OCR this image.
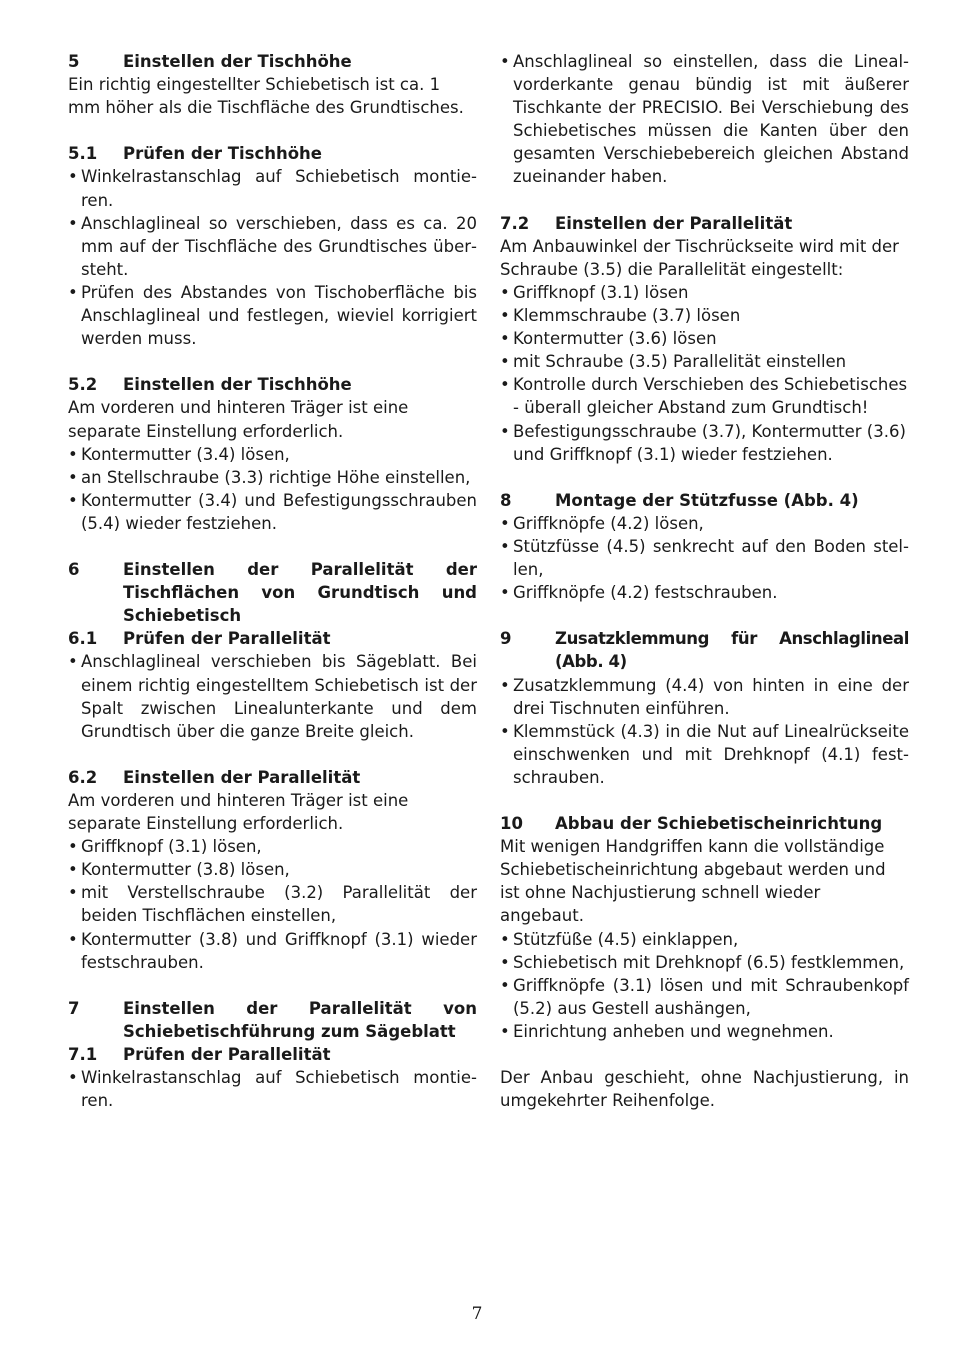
5	Einstellen der Tischhöhe
Ein richtig eingestellter Schiebetisch ist ca. 1 mm höher als die Tischfläche des Grundtisches.
5.1	Prüfen der Tischhöhe
• Winkelrastanschlag auf Schiebetisch montieren.
• Anschlaglineal so verschieben, dass es ca. 20 mm auf der Tischfläche des Grundtisches übersteht.
• Prüfen des Abstandes von Tischoberfläche bis Anschlaglineal und festlegen, wieviel korrigiert werden muss.
5.2	Einstellen der Tischhöhe
Am vorderen und hinteren Träger ist eine separate Einstellung erforderlich.
• Kontermutter (3.4) lösen,
• an Stellschraube (3.3) richtige Höhe einstellen,
• Kontermutter (3.4) und Befestigungsschrauben (5.4) wieder festziehen.
6	Einstellen der Parallelität der Tischflächen von Grundtisch und Schiebetisch
6.1	Prüfen der Parallelität
• Anschlaglineal verschieben bis Sägeblatt. Bei einem richtig eingestelltem Schiebetisch ist der Spalt zwischen Linealunterkante und dem Grundtisch über die ganze Breite gleich.
6.2	Einstellen der Parallelität
Am vorderen und hinteren Träger ist eine separate Einstellung erforderlich.
• Griffknopf (3.1) lösen,
• Kontermutter (3.8) lösen,
• mit Verstellschraube (3.2) Parallelität der beiden Tischflächen einstellen,
• Kontermutter (3.8) und Griffknopf (3.1) wieder festschrauben.
7	Einstellen der Parallelität von Schiebetischführung zum Sägeblatt
7.1	Prüfen der Parallelität
• Winkelrastanschlag auf Schiebetisch montieren.
• Anschlaglineal so einstellen, dass die Linealvorderkante genau bündig ist mit äußerer Tischkante der PRECISIO. Bei Verschiebung des Schiebetisches müssen die Kanten über den gesamten Verschiebebereich gleichen Abstand zueinander haben.
7.2	Einstellen der Parallelität
Am Anbauwinkel der Tischrückseite wird mit der Schraube (3.5) die Parallelität eingestellt:
• Griffknopf (3.1) lösen
• Klemmschraube (3.7) lösen
• Kontermutter (3.6) lösen
• mit Schraube (3.5) Parallelität einstellen
• Kontrolle durch Verschieben des Schiebetisches - überall gleicher Abstand zum Grundtisch!
• Befestigungsschraube (3.7), Kontermutter (3.6) und Griffknopf (3.1) wieder festziehen.
8	Montage der Stützfusse (Abb. 4)
• Griffknöpfe (4.2) lösen,
• Stützfüsse (4.5) senkrecht auf den Boden stellen,
• Griffknöpfe (4.2) festschrauben.
9	Zusatzklemmung für Anschlaglineal (Abb. 4)
• Zusatzklemmung (4.4) von hinten in eine der drei Tischnuten einführen.
• Klemmstück (4.3) in die Nut auf Linealrückseite einschwenken und mit Drehknopf (4.1) festschrauben.
10	Abbau der Schiebetischeinrichtung
Mit wenigen Handgriffen kann die vollständige Schiebetischeinrichtung abgebaut werden und ist ohne Nachjustierung schnell wieder angebaut.
• Stützfüße (4.5) einklappen,
• Schiebetisch mit Drehknopf (6.5) festklemmen,
• Griffknöpfe (3.1) lösen und mit Schraubenkopf (5.2) aus Gestell aushängen,
• Einrichtung anheben und wegnehmen.
Der Anbau geschieht, ohne Nachjustierung, in umgekehrter Reihenfolge.
7
